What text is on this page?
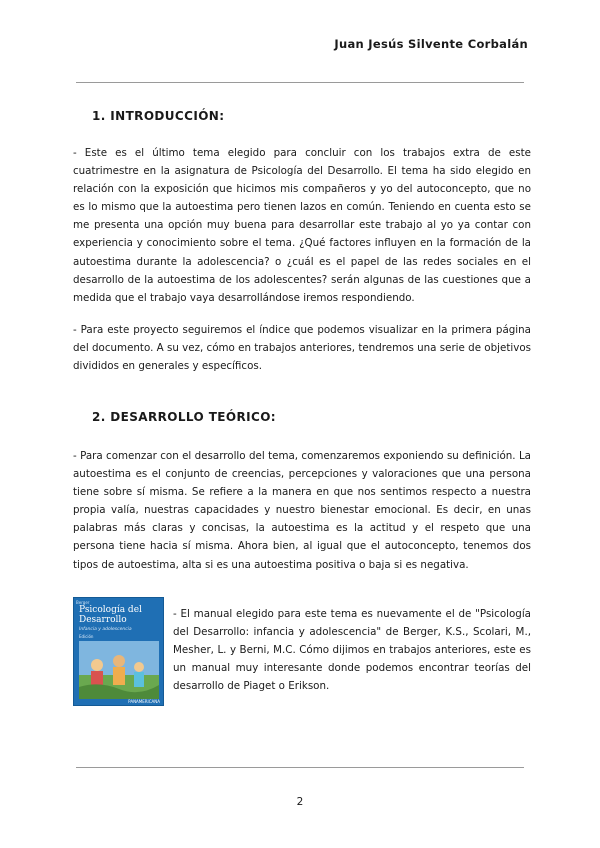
Juan Jesús Silvente Corbalán
1. INTRODUCCIÓN:

- Este es el último tema elegido para concluir con los trabajos extra de este cuatrimestre en la asignatura de Psicología del Desarrollo. El tema ha sido elegido en relación con la exposición que hicimos mis compañeros y yo del autoconcepto, que no es lo mismo que la autoestima pero tienen lazos en común. Teniendo en cuenta esto se me presenta una opción muy buena para desarrollar este trabajo al yo ya contar con experiencia y conocimiento sobre el tema. ¿Qué factores influyen en la formación de la autoestima durante la adolescencia? o ¿cuál es el papel de las redes sociales en el desarrollo de la autoestima de los adolescentes? serán algunas de las cuestiones que a medida que el trabajo vaya desarrollándose iremos respondiendo.

- Para este proyecto seguiremos el índice que podemos visualizar en la primera página del documento. A su vez, cómo en trabajos anteriores, tendremos una serie de objetivos divididos en generales y específicos.

2. DESARROLLO TEÓRICO:

- Para comenzar con el desarrollo del tema, comenzaremos exponiendo su definición. La autoestima es el conjunto de creencias, percepciones y valoraciones que una persona tiene sobre sí misma. Se refiere a la manera en que nos sentimos respecto a nuestra propia valía, nuestras capacidades y nuestro bienestar emocional. Es decir, en unas palabras más claras y concisas, la autoestima es la actitud y el respeto que una persona tiene hacia sí misma. Ahora bien, al igual que el autoconcepto, tenemos dos tipos de autoestima, alta si es una autoestima positiva o baja si es negativa.

Berger
Psicología del Desarrollo
Infancia y adolescencia
Edición
PANAMERICANA

- El manual elegido para este tema es nuevamente el de "Psicología del Desarrollo: infancia y adolescencia" de Berger, K.S., Scolari, M., Mesher, L. y Berni, M.C. Cómo dijimos en trabajos anteriores, este es un manual muy interesante donde podemos encontrar teorías del desarrollo de Piaget o Erikson.

2
